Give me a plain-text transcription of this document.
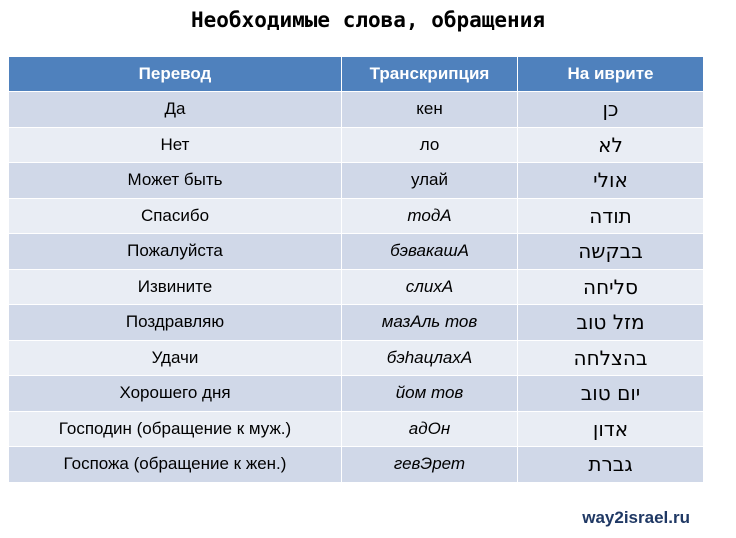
Необходимые слова, обращения
Перевод	Транскрипция	На иврите
Да	кен	כן
Нет	ло	לא
Может быть	улай	אולי
Спасибо	тодА	תודה
Пожалуйста	бэвакашА	בבקשה
Извините	слихА	סליחה
Поздравляю	мазАль тов	מזל טוב
Удачи	бэhацлахА	בהצלחה
Хорошего дня	йом тов	יום טוב
Господин (обращение к муж.)	адОн	אדון
Госпожа (обращение к жен.)	гевЭрет	גברת
way2israel.ru
